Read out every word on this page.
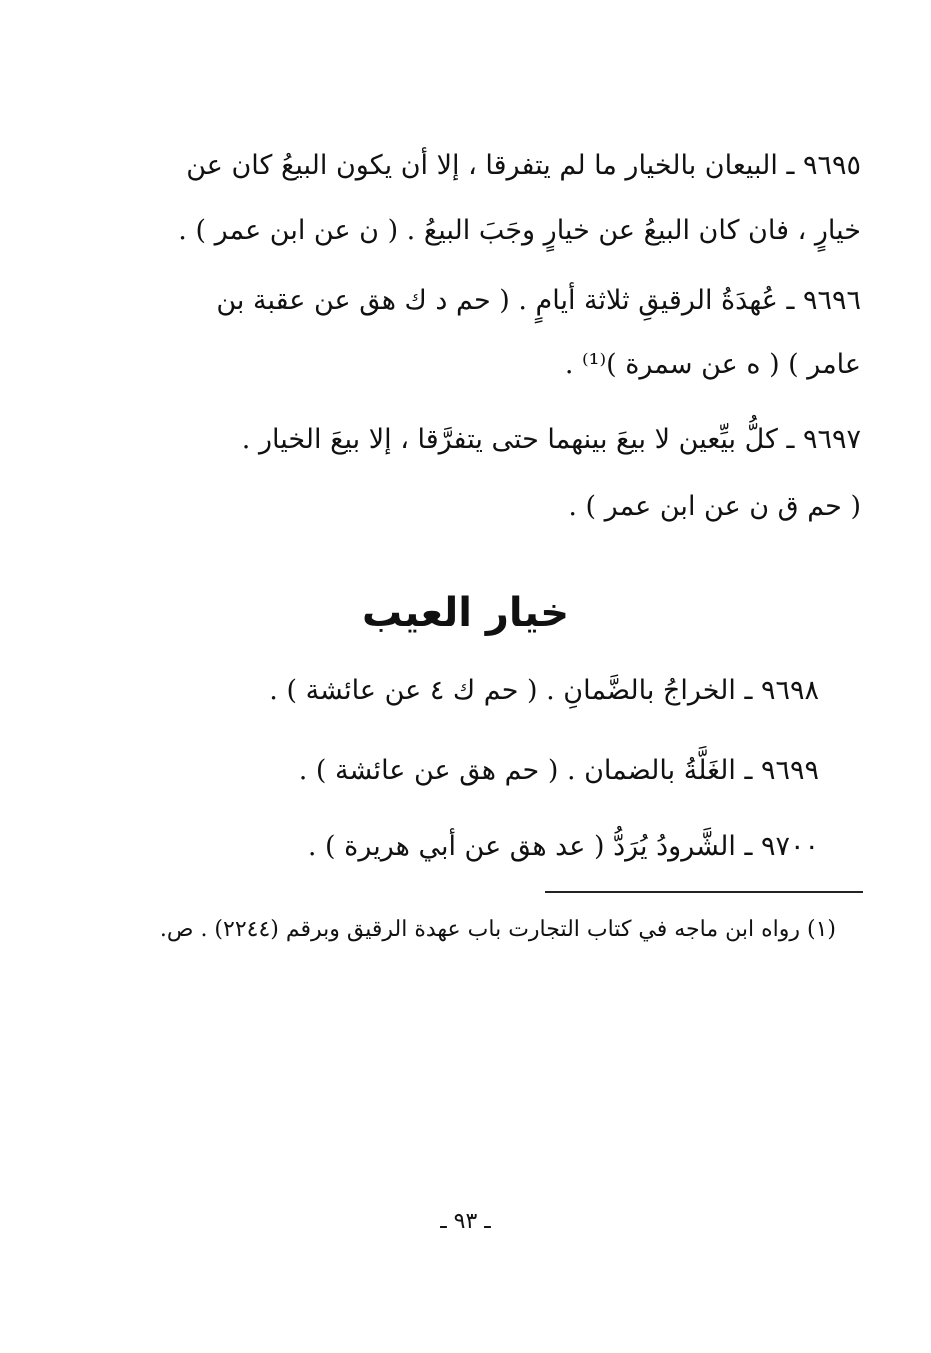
٩٦٩٥ ـ البيعان بالخيار ما لم يتفرقا ، إلا أن يكون البيعُ كان عن
خيارٍ ، فان كان البيعُ عن خيارٍ وجَبَ البيعُ . ( ن عن ابن عمر ) .
٩٦٩٦ ـ عُهدَةُ الرقيقِ ثلاثة أيامٍ . ( حم د ك هق عن عقبة بن
عامر ) ( ه عن سمرة )⁽¹⁾ .
٩٦٩٧ ـ كلُّ بيِّعين لا بيعَ بينهما حتى يتفرَّقا ، إلا بيعَ الخيار .
( حم ق ن عن ابن عمر ) .
خيار العيب
٩٦٩٨ ـ الخراجُ بالضَّمانِ . ( حم ك ٤ عن عائشة ) .
٩٦٩٩ ـ الغَلَّةُ بالضمان . ( حم هق عن عائشة ) .
٩٧٠٠ ـ الشَّرودُ يُرَدُّ ( عد هق عن أبي هريرة ) .
(١) رواه ابن ماجه في كتاب التجارت باب عهدة الرقيق وبرقم (٢٢٤٤) . ص.
ـ ٩٣ ـ
